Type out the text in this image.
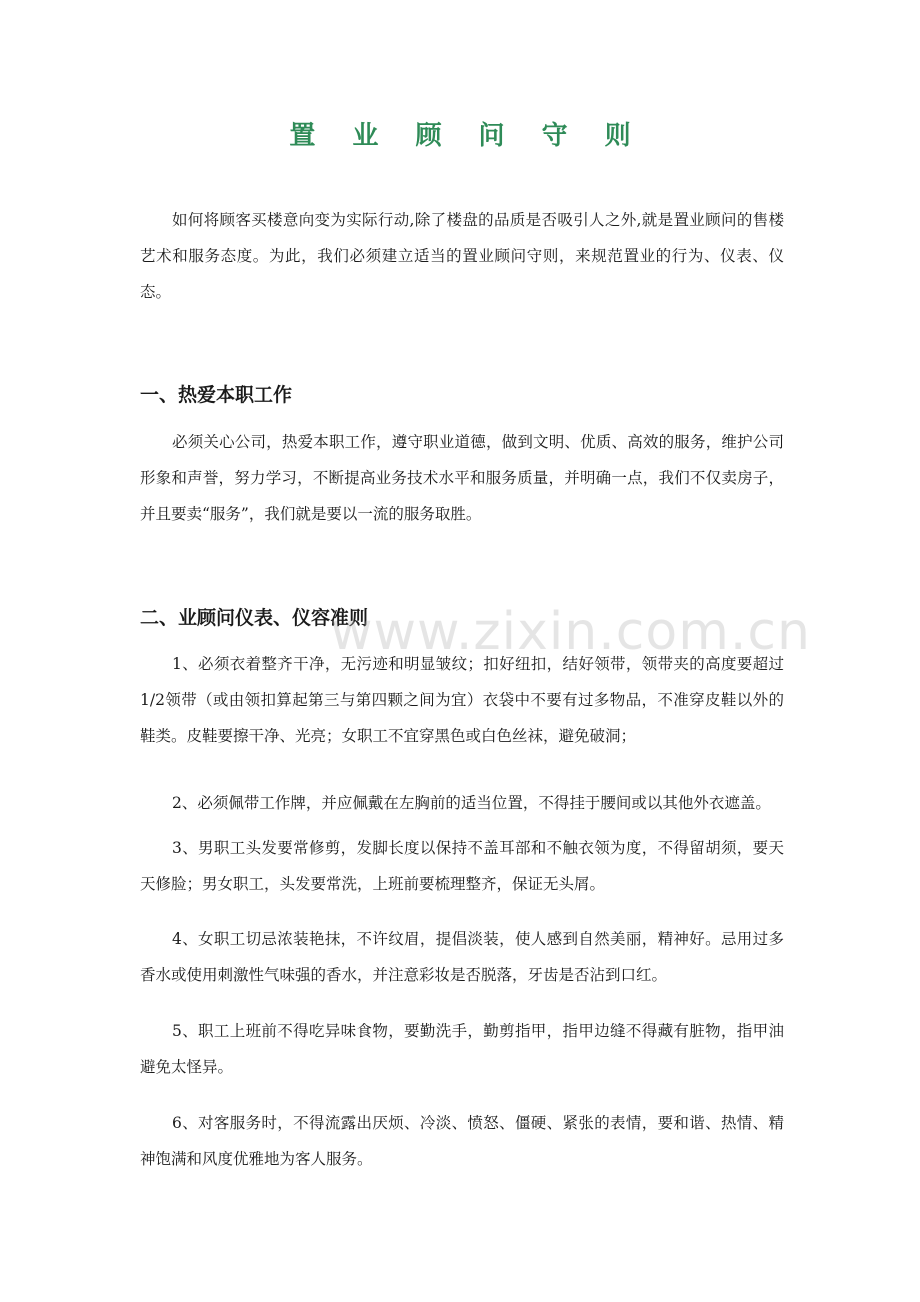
置 业 顾 问 守 则
如何将顾客买楼意向变为实际行动,除了楼盘的品质是否吸引人之外,就是置业顾问的售楼艺术和服务态度。为此，我们必须建立适当的置业顾问守则，来规范置业的行为、仪表、仪态。
一、热爱本职工作
必须关心公司，热爱本职工作，遵守职业道德，做到文明、优质、高效的服务，维护公司形象和声誉，努力学习，不断提高业务技术水平和服务质量，并明确一点，我们不仅卖房子，并且要卖“服务”，我们就是要以一流的服务取胜。
二、业顾问仪表、仪容准则
1、必须衣着整齐干净，无污迹和明显皱纹；扣好纽扣，结好领带，领带夹的高度要超过1/2领带（或由领扣算起第三与第四颗之间为宜）衣袋中不要有过多物品，不准穿皮鞋以外的鞋类。皮鞋要擦干净、光亮；女职工不宜穿黑色或白色丝袜，避免破洞；
2、必须佩带工作牌，并应佩戴在左胸前的适当位置，不得挂于腰间或以其他外衣遮盖。
3、男职工头发要常修剪，发脚长度以保持不盖耳部和不触衣领为度，不得留胡须，要天天修脸；男女职工，头发要常洗，上班前要梳理整齐，保证无头屑。
4、女职工切忌浓装艳抹，不许纹眉，提倡淡装，使人感到自然美丽，精神好。忌用过多香水或使用刺激性气味强的香水，并注意彩妆是否脱落，牙齿是否沾到口红。
5、职工上班前不得吃异味食物，要勤洗手，勤剪指甲，指甲边缝不得藏有脏物，指甲油避免太怪异。
6、对客服务时，不得流露出厌烦、冷淡、愤怒、僵硬、紧张的表情，要和谐、热情、精神饱满和风度优雅地为客人服务。
www.zixin.com.cn
